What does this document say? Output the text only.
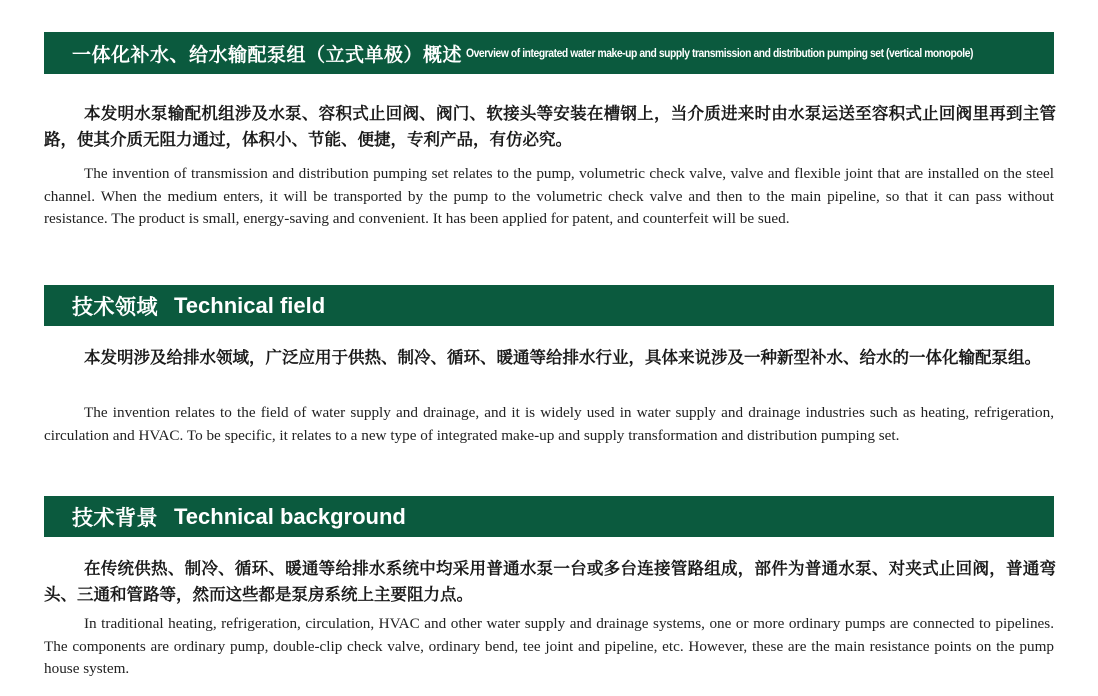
一体化补水、给水输配泵组（立式单极）概述 Overview of integrated water make-up and supply transmission and distribution pumping set (vertical monopole)

本发明水泵输配机组涉及水泵、容积式止回阀、阀门、软接头等安装在槽钢上，当介质进来时由水泵运送至容积式止回阀里再到主管路，使其介质无阻力通过，体积小、节能、便捷，专利产品，有仿必究。

The invention of transmission and distribution pumping set relates to the pump, volumetric check valve, valve and flexible joint that are installed on the steel channel. When the medium enters, it will be transported by the pump to the volumetric check valve and then to the main pipeline, so that it can pass without resistance. The product is small, energy-saving and convenient. It has been applied for patent, and counterfeit will be sued.

技术领域 Technical field

本发明涉及给排水领域，广泛应用于供热、制冷、循环、暖通等给排水行业，具体来说涉及一种新型补水、给水的一体化输配泵组。

The invention relates to the field of water supply and drainage, and it is widely used in water supply and drainage industries such as heating, refrigeration, circulation and HVAC. To be specific, it relates to a new type of integrated make-up and supply transformation and distribution pumping set.

技术背景 Technical background

在传统供热、制冷、循环、暖通等给排水系统中均采用普通水泵一台或多台连接管路组成，部件为普通水泵、对夹式止回阀，普通弯头、三通和管路等，然而这些都是泵房系统上主要阻力点。

In traditional heating, refrigeration, circulation, HVAC and other water supply and drainage systems, one or more ordinary pumps are connected to pipelines. The components are ordinary pump, double-clip check valve, ordinary bend, tee joint and pipeline, etc. However, these are the main resistance points on the pump house system.
